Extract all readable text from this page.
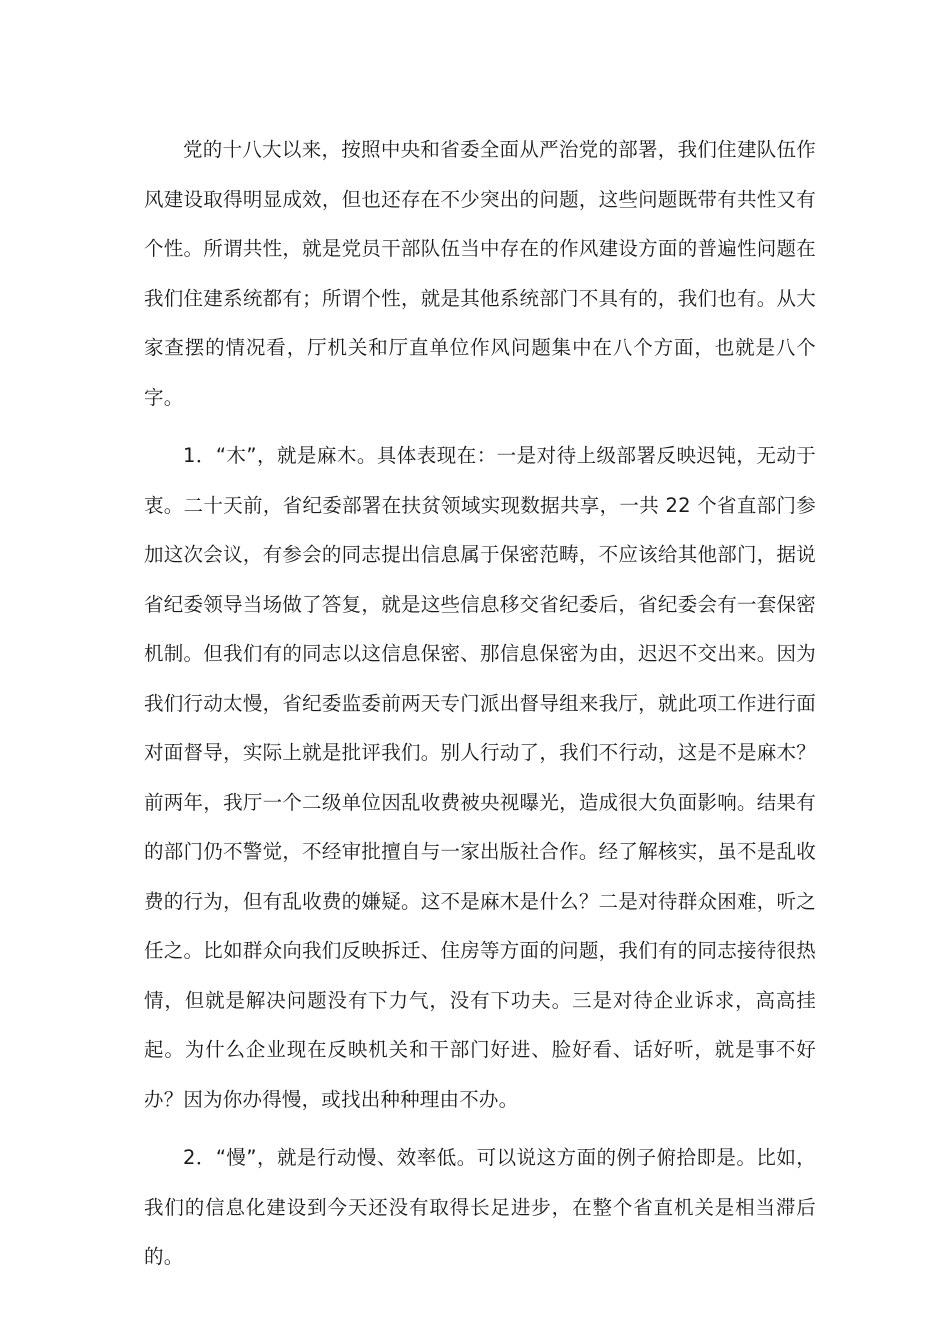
党的十八大以来，按照中央和省委全面从严治党的部署，我们住建队伍作风建设取得明显成效，但也还存在不少突出的问题，这些问题既带有共性又有个性。所谓共性，就是党员干部队伍当中存在的作风建设方面的普遍性问题在我们住建系统都有；所谓个性，就是其他系统部门不具有的，我们也有。从大家查摆的情况看，厅机关和厅直单位作风问题集中在八个方面，也就是八个字。

1．“木”，就是麻木。具体表现在：一是对待上级部署反映迟钝，无动于衷。二十天前，省纪委部署在扶贫领域实现数据共享，一共 22 个省直部门参加这次会议，有参会的同志提出信息属于保密范畴，不应该给其他部门，据说省纪委领导当场做了答复，就是这些信息移交省纪委后，省纪委会有一套保密机制。但我们有的同志以这信息保密、那信息保密为由，迟迟不交出来。因为我们行动太慢，省纪委监委前两天专门派出督导组来我厅，就此项工作进行面对面督导，实际上就是批评我们。别人行动了，我们不行动，这是不是麻木？前两年，我厅一个二级单位因乱收费被央视曝光，造成很大负面影响。结果有的部门仍不警觉，不经审批擅自与一家出版社合作。经了解核实，虽不是乱收费的行为，但有乱收费的嫌疑。这不是麻木是什么？二是对待群众困难，听之任之。比如群众向我们反映拆迁、住房等方面的问题，我们有的同志接待很热情，但就是解决问题没有下力气，没有下功夫。三是对待企业诉求，高高挂起。为什么企业现在反映机关和干部门好进、脸好看、话好听，就是事不好办？因为你办得慢，或找出种种理由不办。

2．“慢”，就是行动慢、效率低。可以说这方面的例子俯拾即是。比如，我们的信息化建设到今天还没有取得长足进步，在整个省直机关是相当滞后的。
